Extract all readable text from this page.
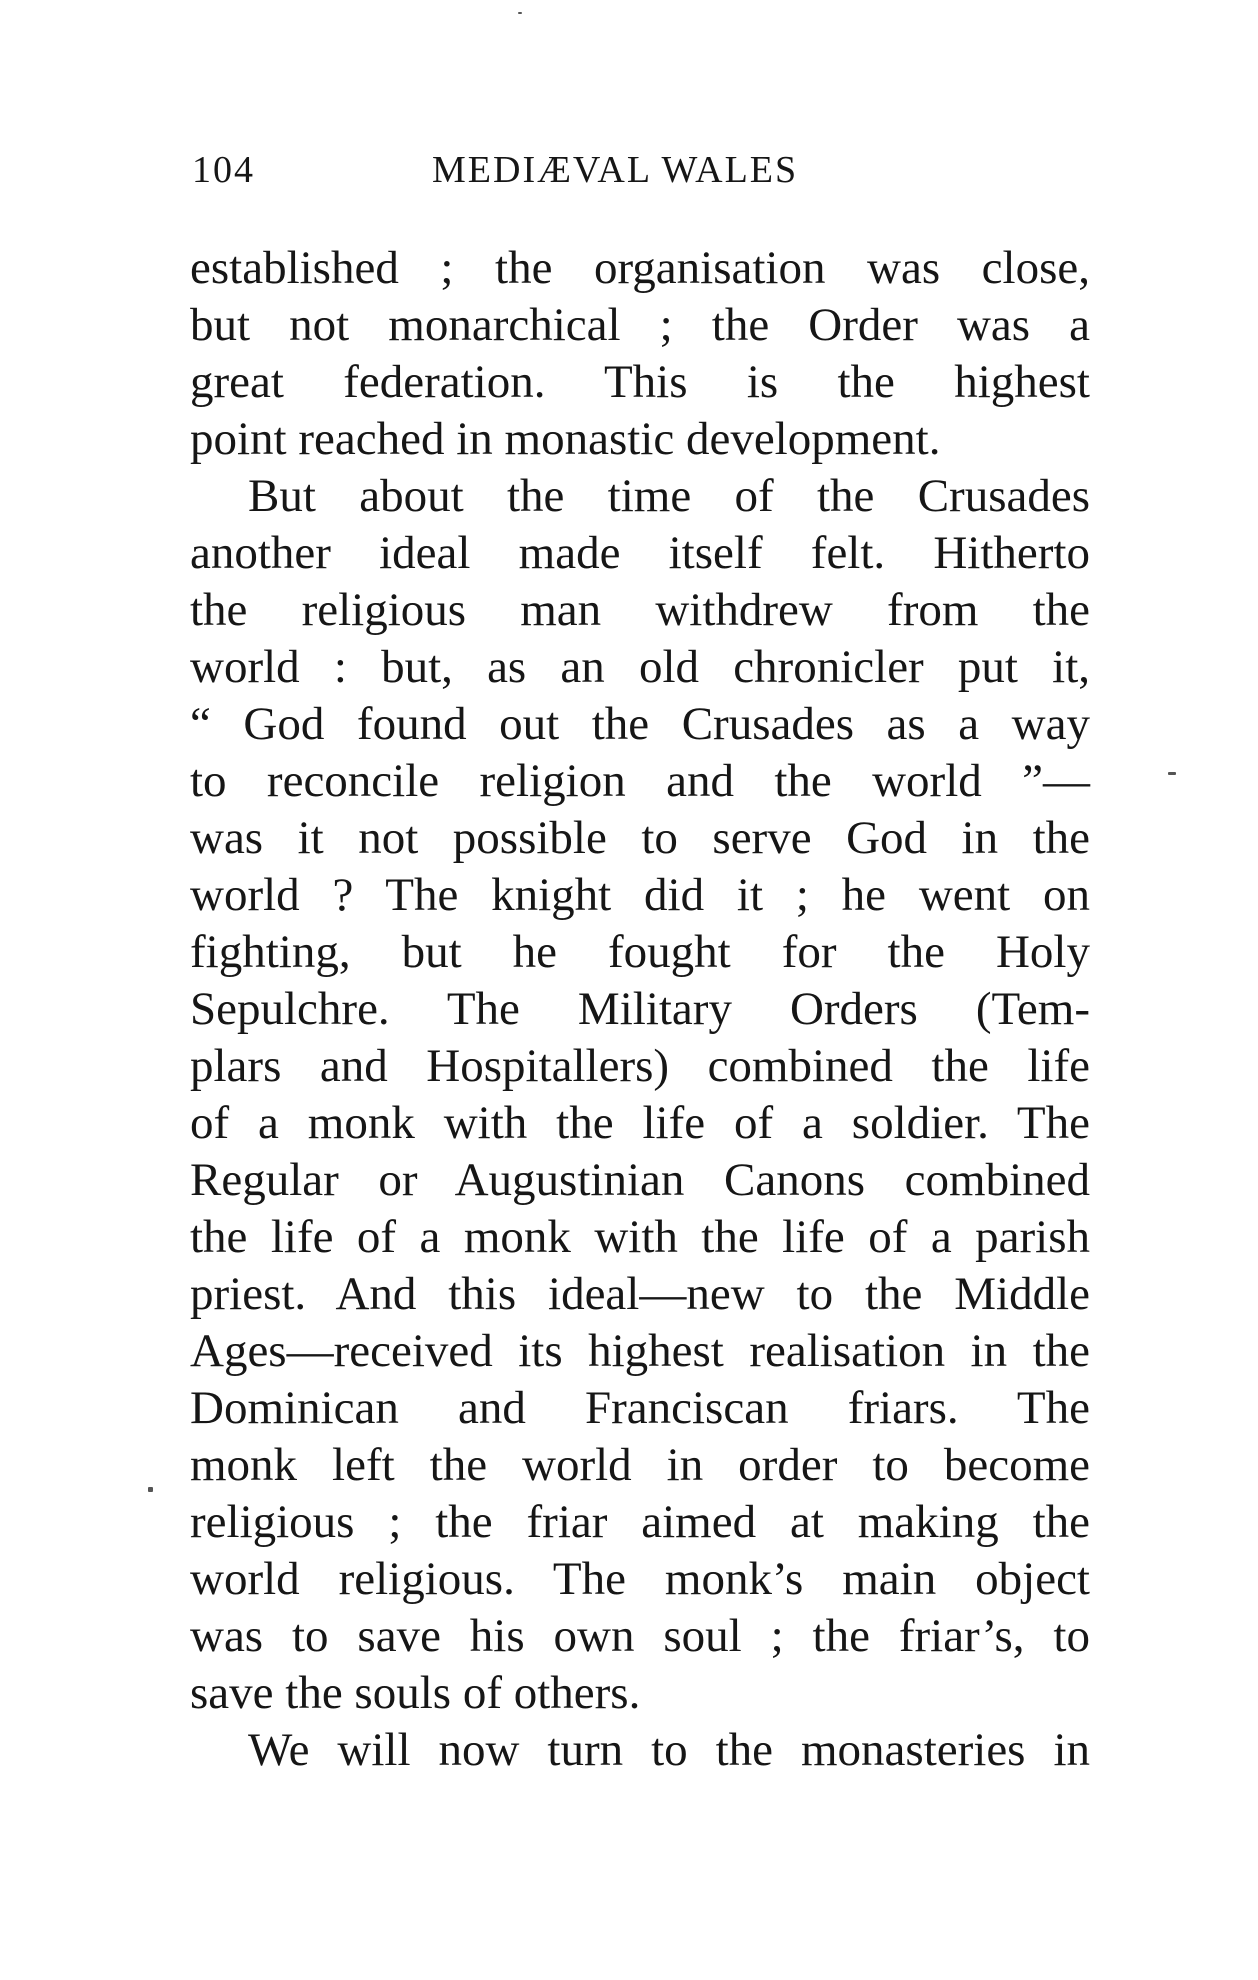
104	MEDIÆVAL WALES
established ; the organisation was close,
but not monarchical ; the Order was a
great federation. This is the highest
point reached in monastic development.
But about the time of the Crusades
another ideal made itself felt. Hitherto
the religious man withdrew from the
world : but, as an old chronicler put it,
“ God found out the Crusades as a way
to reconcile religion and the world ”—
was it not possible to serve God in the
world ? The knight did it ; he went on
fighting, but he fought for the Holy
Sepulchre. The Military Orders (Tem-
plars and Hospitallers) combined the life
of a monk with the life of a soldier. The
Regular or Augustinian Canons combined
the life of a monk with the life of a parish
priest. And this ideal—new to the Middle
Ages—received its highest realisation in the
Dominican and Franciscan friars. The
monk left the world in order to become
religious ; the friar aimed at making the
world religious. The monk’s main object
was to save his own soul ; the friar’s, to
save the souls of others.
We will now turn to the monasteries in
